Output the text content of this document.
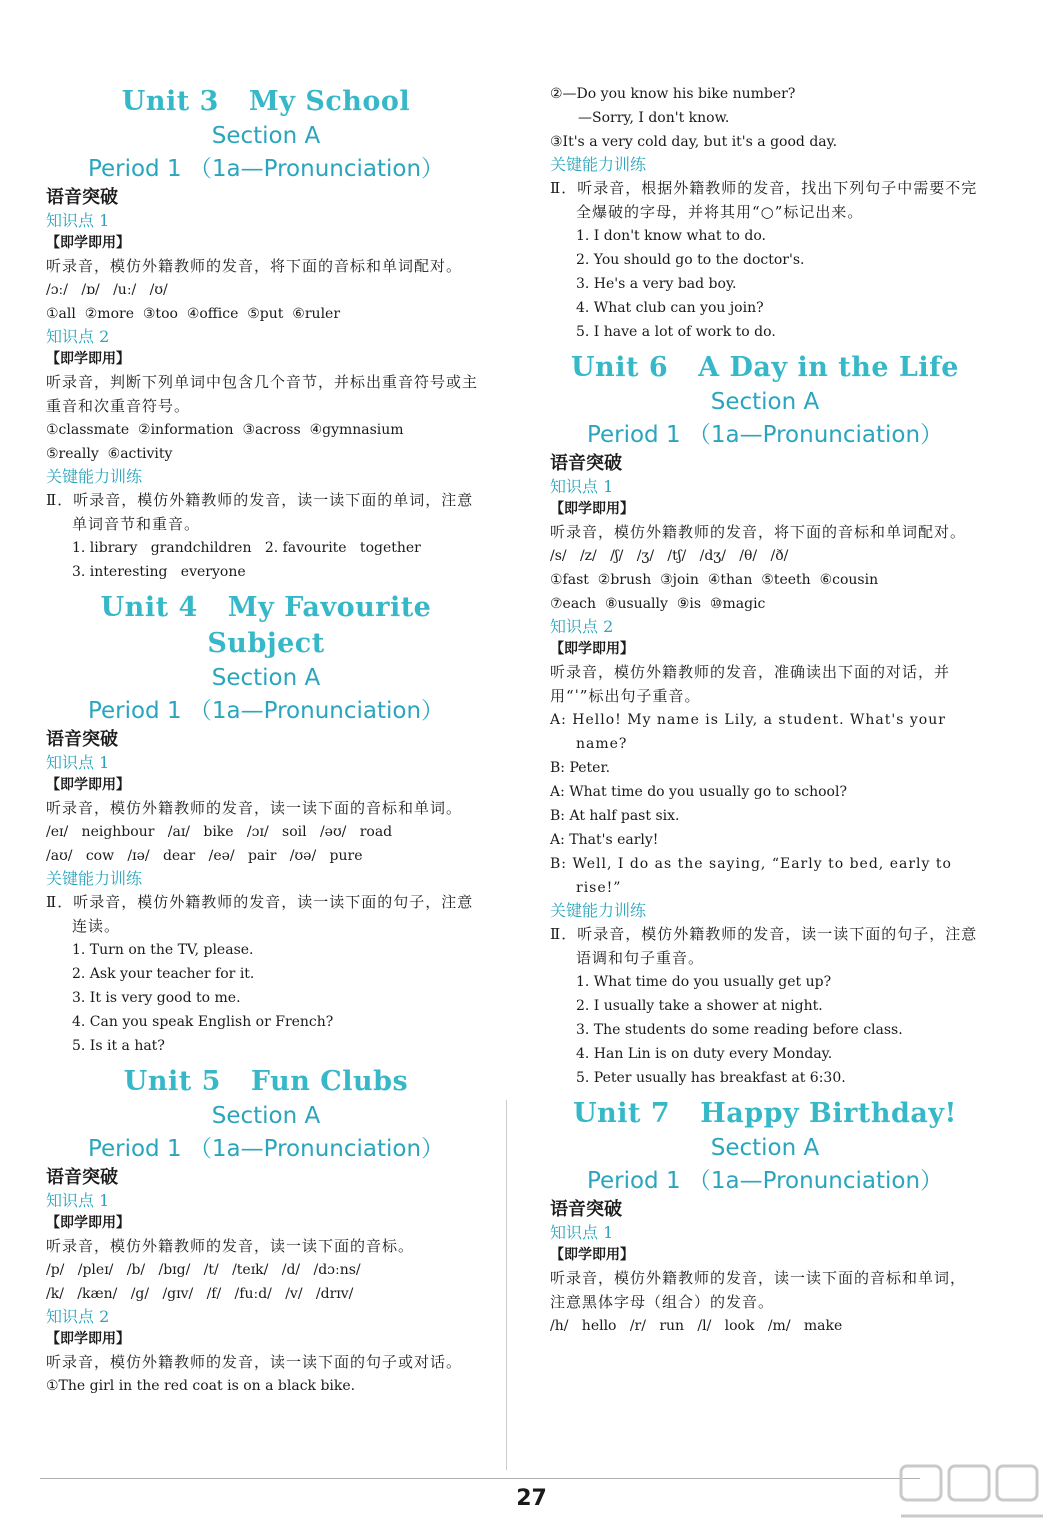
Unit 3 My School

Section A

Period 1 （1a—Pronunciation）

语音突破

知识点 1

【即学即用】

听录音，模仿外籍教师的发音，将下面的音标和单词配对。

/ɔː/   /ɒ/   /uː/   /ʊ/

①all  ②more  ③too  ④office  ⑤put  ⑥ruler

知识点 2

【即学即用】

听录音，判断下列单词中包含几个音节，并标出重音符号或主重音和次重音符号。

①classmate  ②information  ③across  ④gymnasium

⑤really  ⑥activity

关键能力训练

Ⅱ．听录音，模仿外籍教师的发音，读一读下面的单词，注意单词音节和重音。

1. library   grandchildren   2. favourite   together

3. interesting   everyone

Unit 4 My Favourite Subject

Section A

Period 1 （1a—Pronunciation）

语音突破

知识点 1

【即学即用】

听录音，模仿外籍教师的发音，读一读下面的音标和单词。

/eɪ/   neighbour   /aɪ/   bike   /ɔɪ/   soil   /əʊ/   road

/aʊ/   cow   /ɪə/   dear   /eə/   pair   /ʊə/   pure

关键能力训练

Ⅱ．听录音，模仿外籍教师的发音，读一读下面的句子，注意连读。

1. Turn on the TV, please.

2. Ask your teacher for it.

3. It is very good to me.

4. Can you speak English or French?

5. Is it a hat?

Unit 5 Fun Clubs

Section A

Period 1 （1a—Pronunciation）

语音突破

知识点 1

【即学即用】

听录音，模仿外籍教师的发音，读一读下面的音标。

/p/   /pleɪ/   /b/   /bɪg/   /t/   /teɪk/   /d/   /dɔːns/

/k/   /kæn/   /g/   /gɪv/   /f/   /fuːd/   /v/   /drɪv/

知识点 2

【即学即用】

听录音，模仿外籍教师的发音，读一读下面的句子或对话。

①The girl in the red coat is on a black bike.

②—Do you know his bike number?

—Sorry, I don't know.

③It's a very cold day, but it's a good day.

关键能力训练

Ⅱ．听录音，根据外籍教师的发音，找出下列句子中需要不完全爆破的字母，并将其用“○”标记出来。

1. I don't know what to do.

2. You should go to the doctor's.

3. He's a very bad boy.

4. What club can you join?

5. I have a lot of work to do.

Unit 6 A Day in the Life

Section A

Period 1 （1a—Pronunciation）

语音突破

知识点 1

【即学即用】

听录音，模仿外籍教师的发音，将下面的音标和单词配对。

/s/   /z/   /ʃ/   /ʒ/   /tʃ/   /dʒ/   /θ/   /ð/

①fast  ②brush  ③join  ④than  ⑤teeth  ⑥cousin

⑦each  ⑧usually  ⑨is  ⑩magic

知识点 2

【即学即用】

听录音，模仿外籍教师的发音，准确读出下面的对话，并用“ˈ”标出句子重音。

A: Hello! My name is Lily, a student. What's your name?

B: Peter.

A: What time do you usually go to school?

B: At half past six.

A: That's early!

B: Well, I do as the saying, “Early to bed, early to rise!”

关键能力训练

Ⅱ．听录音，模仿外籍教师的发音，读一读下面的句子，注意语调和句子重音。

1. What time do you usually get up?

2. I usually take a shower at night.

3. The students do some reading before class.

4. Han Lin is on duty every Monday.

5. Peter usually has breakfast at 6:30.

Unit 7 Happy Birthday!

Section A

Period 1 （1a—Pronunciation）

语音突破

知识点 1

【即学即用】

听录音，模仿外籍教师的发音，读一读下面的音标和单词，注意黑体字母（组合）的发音。

/h/   hello   /r/   run   /l/   look   /m/   make

27
